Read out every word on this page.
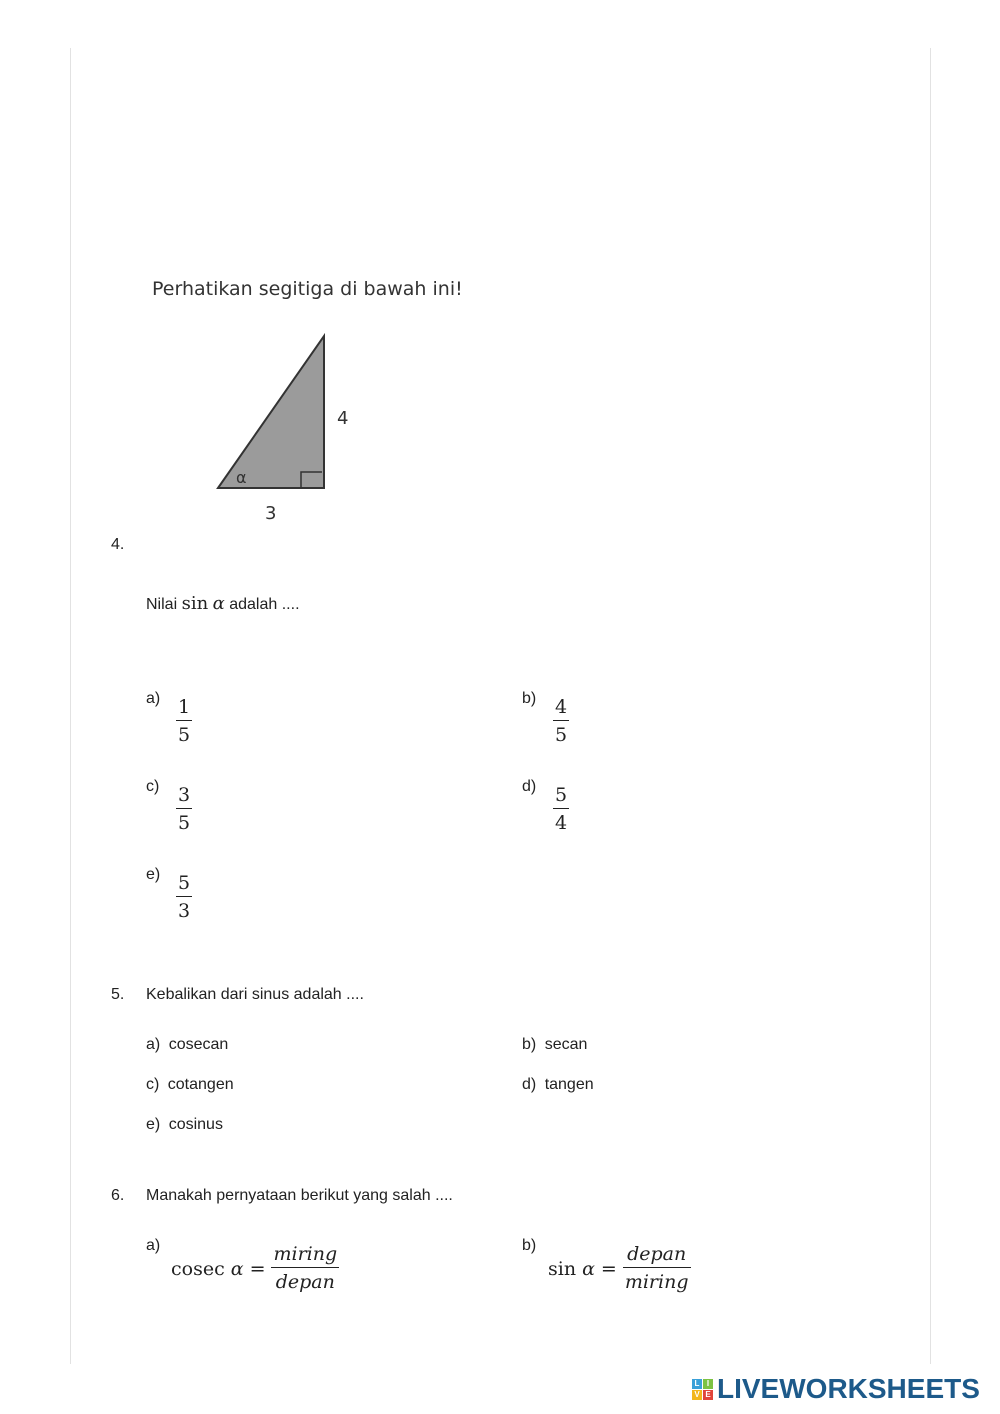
Perhatikan segitiga di bawah ini!
4
3
α
4.
Nilai sin α adalah ....
a) 1
5
b) 4
5
c) 3
5
d) 5
4
e) 5
3
5. Kebalikan dari sinus adalah ....
a) cosecan	b) secan
c) cotangen	d) tangen
e) cosinus
6. Manakah pernyataan berikut yang salah ....
a)
cosec $\alpha = \frac{\text{miring}}{\text{depan}}$	b)
$\sin \alpha = \frac{\text{depan}}{\text{miring}}$
L I
V E LIVEWORKSHEETS
